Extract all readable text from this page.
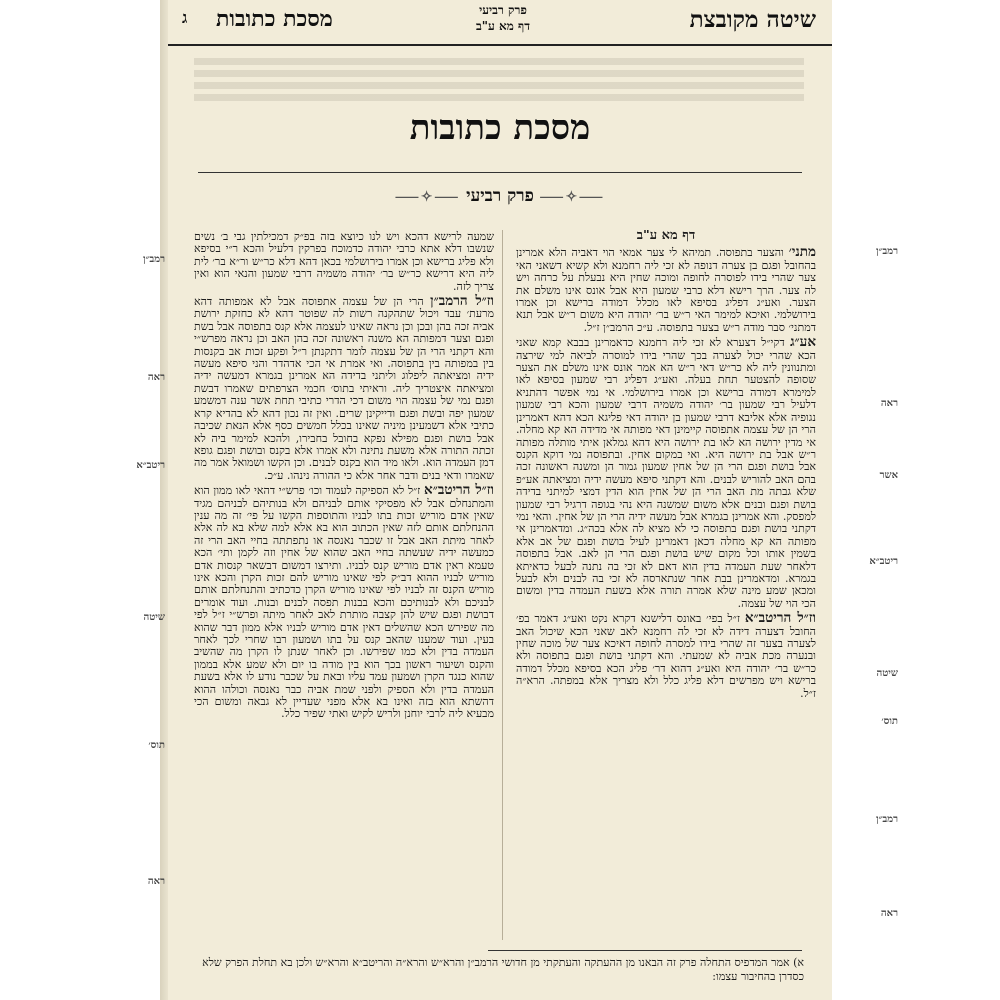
שיטה מקובצת
פרק רביעי
דף מא ע"ב
מסכת כתובות
ג
מסכת כתובות
⸺✧⸺ פרק רביעי ⸺✧⸺
דף מא ע"ב

מתני׳ והצער בתפוסה. תמיהא לי צער אמאי הוי דאביה הלא אמרינן בהחובל ופגם בן צערה דנופה לא זכי ליה רחמנא ולא קשיא דשאני האי צער שהרי בידו לפוסרה לחופה ומוכה שחין היא נבעלת על כרחה ויש לה צער. הרך רישא דלא כרבי שמעון היא אבל אונס אינו משלם את הצער. ואע״ג דפליג בסיפא לאו מכלל דמודה ברישא וכן אמרו בירושלמי. ואיכא למימר האי ר״ש בר׳ יהודה היא משום ר״ש אבל תנא דמתני׳ סבר מודה ר״ש בצער בתפוסה. ע״כ הרמב״ן ז״ל.

אע״ג דקי״ל דצערא לא זכי ליה רחמנא כדאמרינן בבבא קמא שאני הכא שהרי יכול לצערה בכך שהרי בידו למוסרה לביאה למי שירצה ומתנוונין ליה לא כר״ש דאי ר״ש הא אמר אונס אינו משלם את הצער שסופה להצטער תחת בעלה. ואע״ג דפליג רבי שמעון בסיפא לאו למימרא דמודה ברישא וכן אמרו בירושלמי. אי נמי אפשר דהתניא דלעיל רבי שמעון בר׳ יהודה משמיה דרבי שמעון והכא רבי שמעון נגופיה אלא אליבא דרבי שמעון בן יהודה דאי פליגא הכא דהא דאמרינן הרי הן של עצמה אתפוסה קיימינן דאי מפותה אי מדידה הא קא מחלה. אי מדין ירושה הא לאו בת ירושה היא דהא גמלאן איתי מותלה מפותה ר״ש אבל בת ירושה היא. ואי במקום אחין. ובתפוסה נמי דוקא הקנס אבל בושת ופגם הרי הן של אחין שמעון גמור הן ומשנה ראשונה זכה בהם האב להוריש לבנים. והא דקתני סיפא מעשה ידיה ומציאתה אע״פ שלא גבתה מת האב הרי הן של אחין הוא הדין דמצי למיתני בדידה בושת ופגם ובנים אלא משום שמשנה היא נהי בגופה דרגיל רבי שמעון למפסק. והא אמרינן בגמרא אבל מעשה ידיה הרי הן של אחין. והאי נמי דקתני בושת ופגם בתפוסה כי לא מציא לה אלא בכה״ג. ומדאמרינן אי מפותה הא קא מחלה דכאן דאמרינן לעיל בושת ופגם של אב אלא בשמין אותו וכל מקום שיש בושת ופגם הרי הן לאב. אבל בתפוסה דלאחר שעת העמדה בדין הוא דאם לא זכי בה נתנה לבעל כדאיתא בגמרא. ומדאמרינן בבת אחר שנתארסה לא זכי בה לבנים ולא לבעל ומכאן שמע מינה שלא אמרה תורה אלא בשעת העמדה בדין ומשום הכי הוי של עצמה.

וז״ל הריטב״א ז״ל בפי׳ באונס דלישנא דקרא נקט ואע״ג דאמר בפ׳ החובל דצערה דידה לא זכי לה רחמנא לאב שאני הכא שיכול האב לצערה בצער זה שהרי בידו למסרה לחופה דאיכא צער של מוכה שחין ובנערה מכת אביה לא שמעתי. והא דקתני בושת ופגם בתפוסה ולא כר״ש בר׳ יהודה היא ואע״ג דהוא דר׳ פליג הכא בסיפא מכלל דמודה ברישא ויש מפרשים דלא פליג כלל ולא מצריך אלא במפתה. הרא״ה ז״ל.

שמעה לרישא דהכא ויש לנו כיוצא בזה בפ״ק דמכילתין גבי ב׳ נשים שנשבו דלא אתא כרבי יהודה כדמוכח בפרקין דלעיל והכא ר״י בסיפא ולא פליג ברישא וכן אמרו בירושלמי בכאן דהא דלא כר״ש ור״א בר׳ לית ליה היא דרישא כר״ש בר׳ יהודה משמיה דרבי שמעון והנאי הוא ואין צריך לזה.

וז״ל הרמב״ן הרי הן של עצמה אתפוסה אבל לא אמפותה דהא מרעת׳ עבד ויכול שתהקנה רשות לה שפוטר דהא לא כחזקת ירושת אביה זכה בהן ובכן וכן נראה שאינו לעצמה אלא קנס בתפוסה אבל בשת ופגם וצער דמפותה הא משנה ראשונה זכה בהן האב וכן נראה מפרש״י והא דקתני הרי הן של עצמה לומר דתקנתן ר״ל ופקע זכות אב בקנסות בין במפותה בין בתפוסה. ואי אמרת אי הכי אדהדר והני סיפא מעשה ידיה ומציאתה ליפלוג וליתני בדידה הא אמרינן בגמרא דמעשה ידיה ומציאתה איצטריך ליה. וראיתי בתוס׳ חכמי הצרפתים שאמרו דבשת ופגם נמי של עצמה הוי משום דכי הדרי כתיבי תחת אשר ענה דמשמע שמעון יפה ובשת ופגם ודייקינן שרים. ואין זה נכון דהא לא בהדיא קרא כתיבי אלא דשמעינן מיניה שאינו בכלל חמשים כסף אלא הנאת שכיבה אבל בושת ופגם מפילא נפקא בחובל בחבירו, ולהכא למימר ביה לא זכתה התורה אלא משעת נתינה ולא אמרו אלא בקנס ובושת ופגם גופא דמן העמדה הוא. ולאו מיד הוא בקנס לבנים. וכן הקשו ושמואל אמר מה שאמרו ודאי בנים ודבר אחר אלא כי ההורה נינהו. ע״כ.

וז״ל הריטב״א ז״ל לא הספיקה לעמוד וכו׳ פרש״י דהאי לאו ממון הוא והמתנחלם אבל לא מפסיקי אותם לבניהם ולא בנותיהם לבניהם מגיד שאין אדם מוריש זכות בתו לבניו והתוספות הקשו על פי׳ זה מה ענין ההנחלתם אותם לזה שאין הכתוב הוא בא אלא למה שלא בא לה אלא לאחר מיתת האב אבל זו שכבר נאנסה או נתפתתה בחיי האב הרי זה כמעשה ידיה שעשתה בחיי האב שהוא של אחין וזה לקמן ותי׳ הכא טעמא ראין אדם מוריש קנס לבניו. ותירצו דמשום דבשאר קנסות אדם מוריש לבניו ההוא דב״ק לפי שאינו מוריש להם זכות הקרן והכא אינו מוריש הקנס זה לבניו לפי שאינו מוריש הקרן כדכתיב והתנחלתם אותם לבניכם ולא לבנותיכם והכא בבנות תפסה לבנים ובנות. ועוד אומרים דבושת ופגם שיש להן קצבה מותרת לאב לאחר מיתה ופרש״י ז״ל לפי מה שפירש הכא שהשלים דאין אדם מוריש לבניו אלא ממון דבר שהוא בעין. ועוד שמענו שהאב קנס על בתו ושמעון רבו שחרי לכך לאחר העמדה בדין ולא כמו שפירשו. וכן לאחר שנתן לו הקרן מה שהשיב והקנס ושיעור ראשון בכך הוא בין מודה בו יום ולא שמע אלא בממון שהוא כנגד הקרן ושמעון עמד עליו ובאת על שכבר נודע לו אלא בשעת העמדה בדין ולא הספיק ולפני שמת אביה כבר נאנסה וכולהו ההוא דהשתא הוא בזה ואינו בא אלא מפני שעדיין לא גבאה ומשום הכי מבעיא ליה לרבי יוחנן ולריש לקיש ואתי שפיר כלל.

א) אמר המדפיס התחלה פרק זה הבאנו מן ההעתקה והעתקתי מן חדושי הרמב״ן והרא״ש והרא״ה והריטב״א והרא״ש ולכן בא תחלת הפרק שלא כסדרן בהחיבור עצמו:
רמב״ן
ראה
אשר
ריטב״א
שיטה
תוס׳
רמב״ן
ראה
רמב״ן
ראה
ריטב״א
שיטה
תוס׳
ראה
